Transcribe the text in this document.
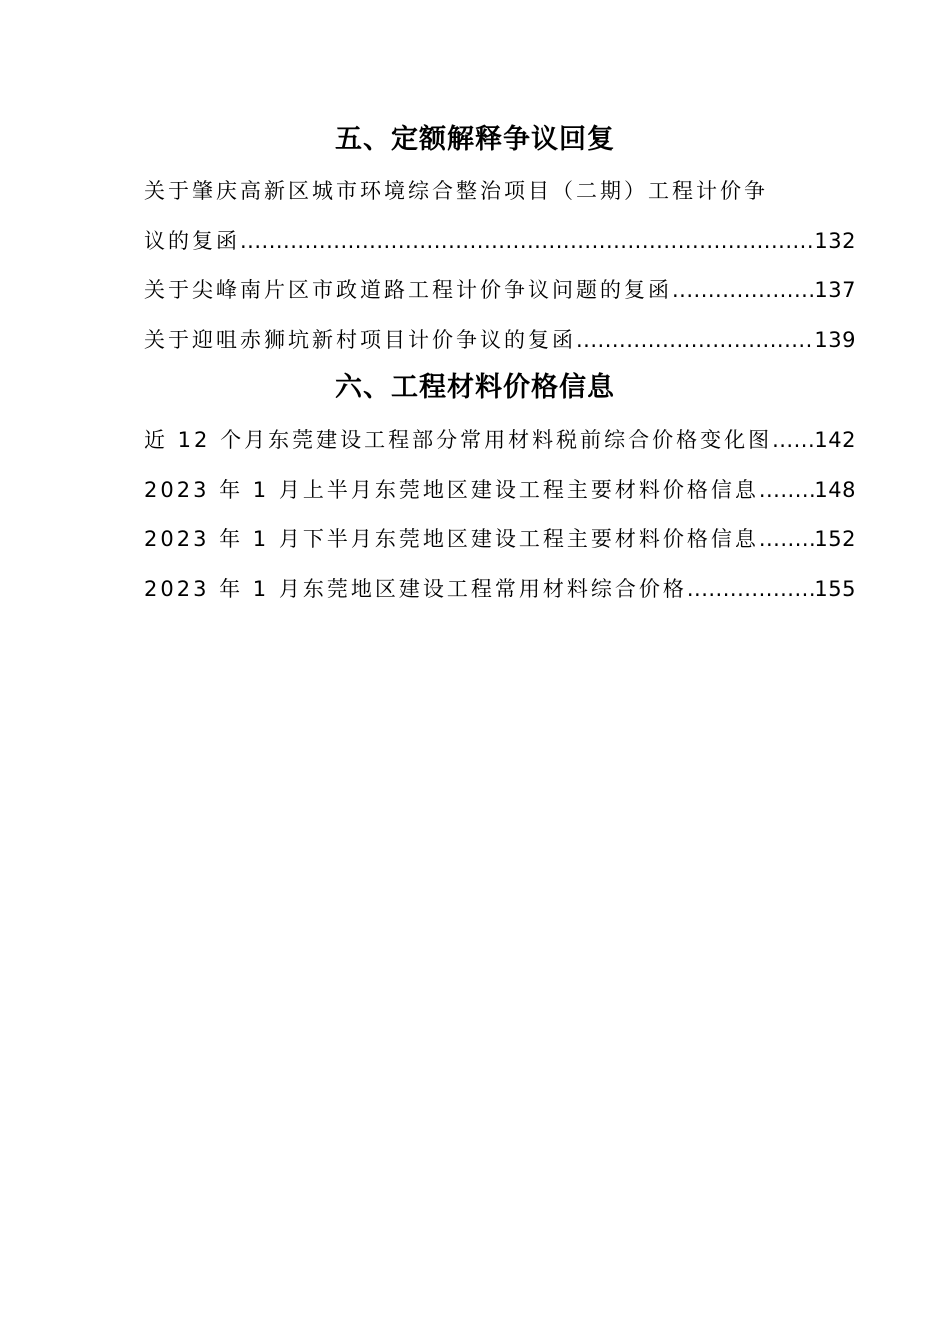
五、定额解释争议回复
关于肇庆高新区城市环境综合整治项目（二期）工程计价争
议的复函 .....	132
关于尖峰南片区市政道路工程计价争议问题的复函 .....	137
关于迎咀赤狮坑新村项目计价争议的复函 .....	139
六、工程材料价格信息
近 12 个月东莞建设工程部分常用材料税前综合价格变化图 ..... 142
2023 年 1 月上半月东莞地区建设工程主要材料价格信息 .....	148
2023 年 1 月下半月东莞地区建设工程主要材料价格信息 .....	152
2023 年 1 月东莞地区建设工程常用材料综合价格 .....	155
